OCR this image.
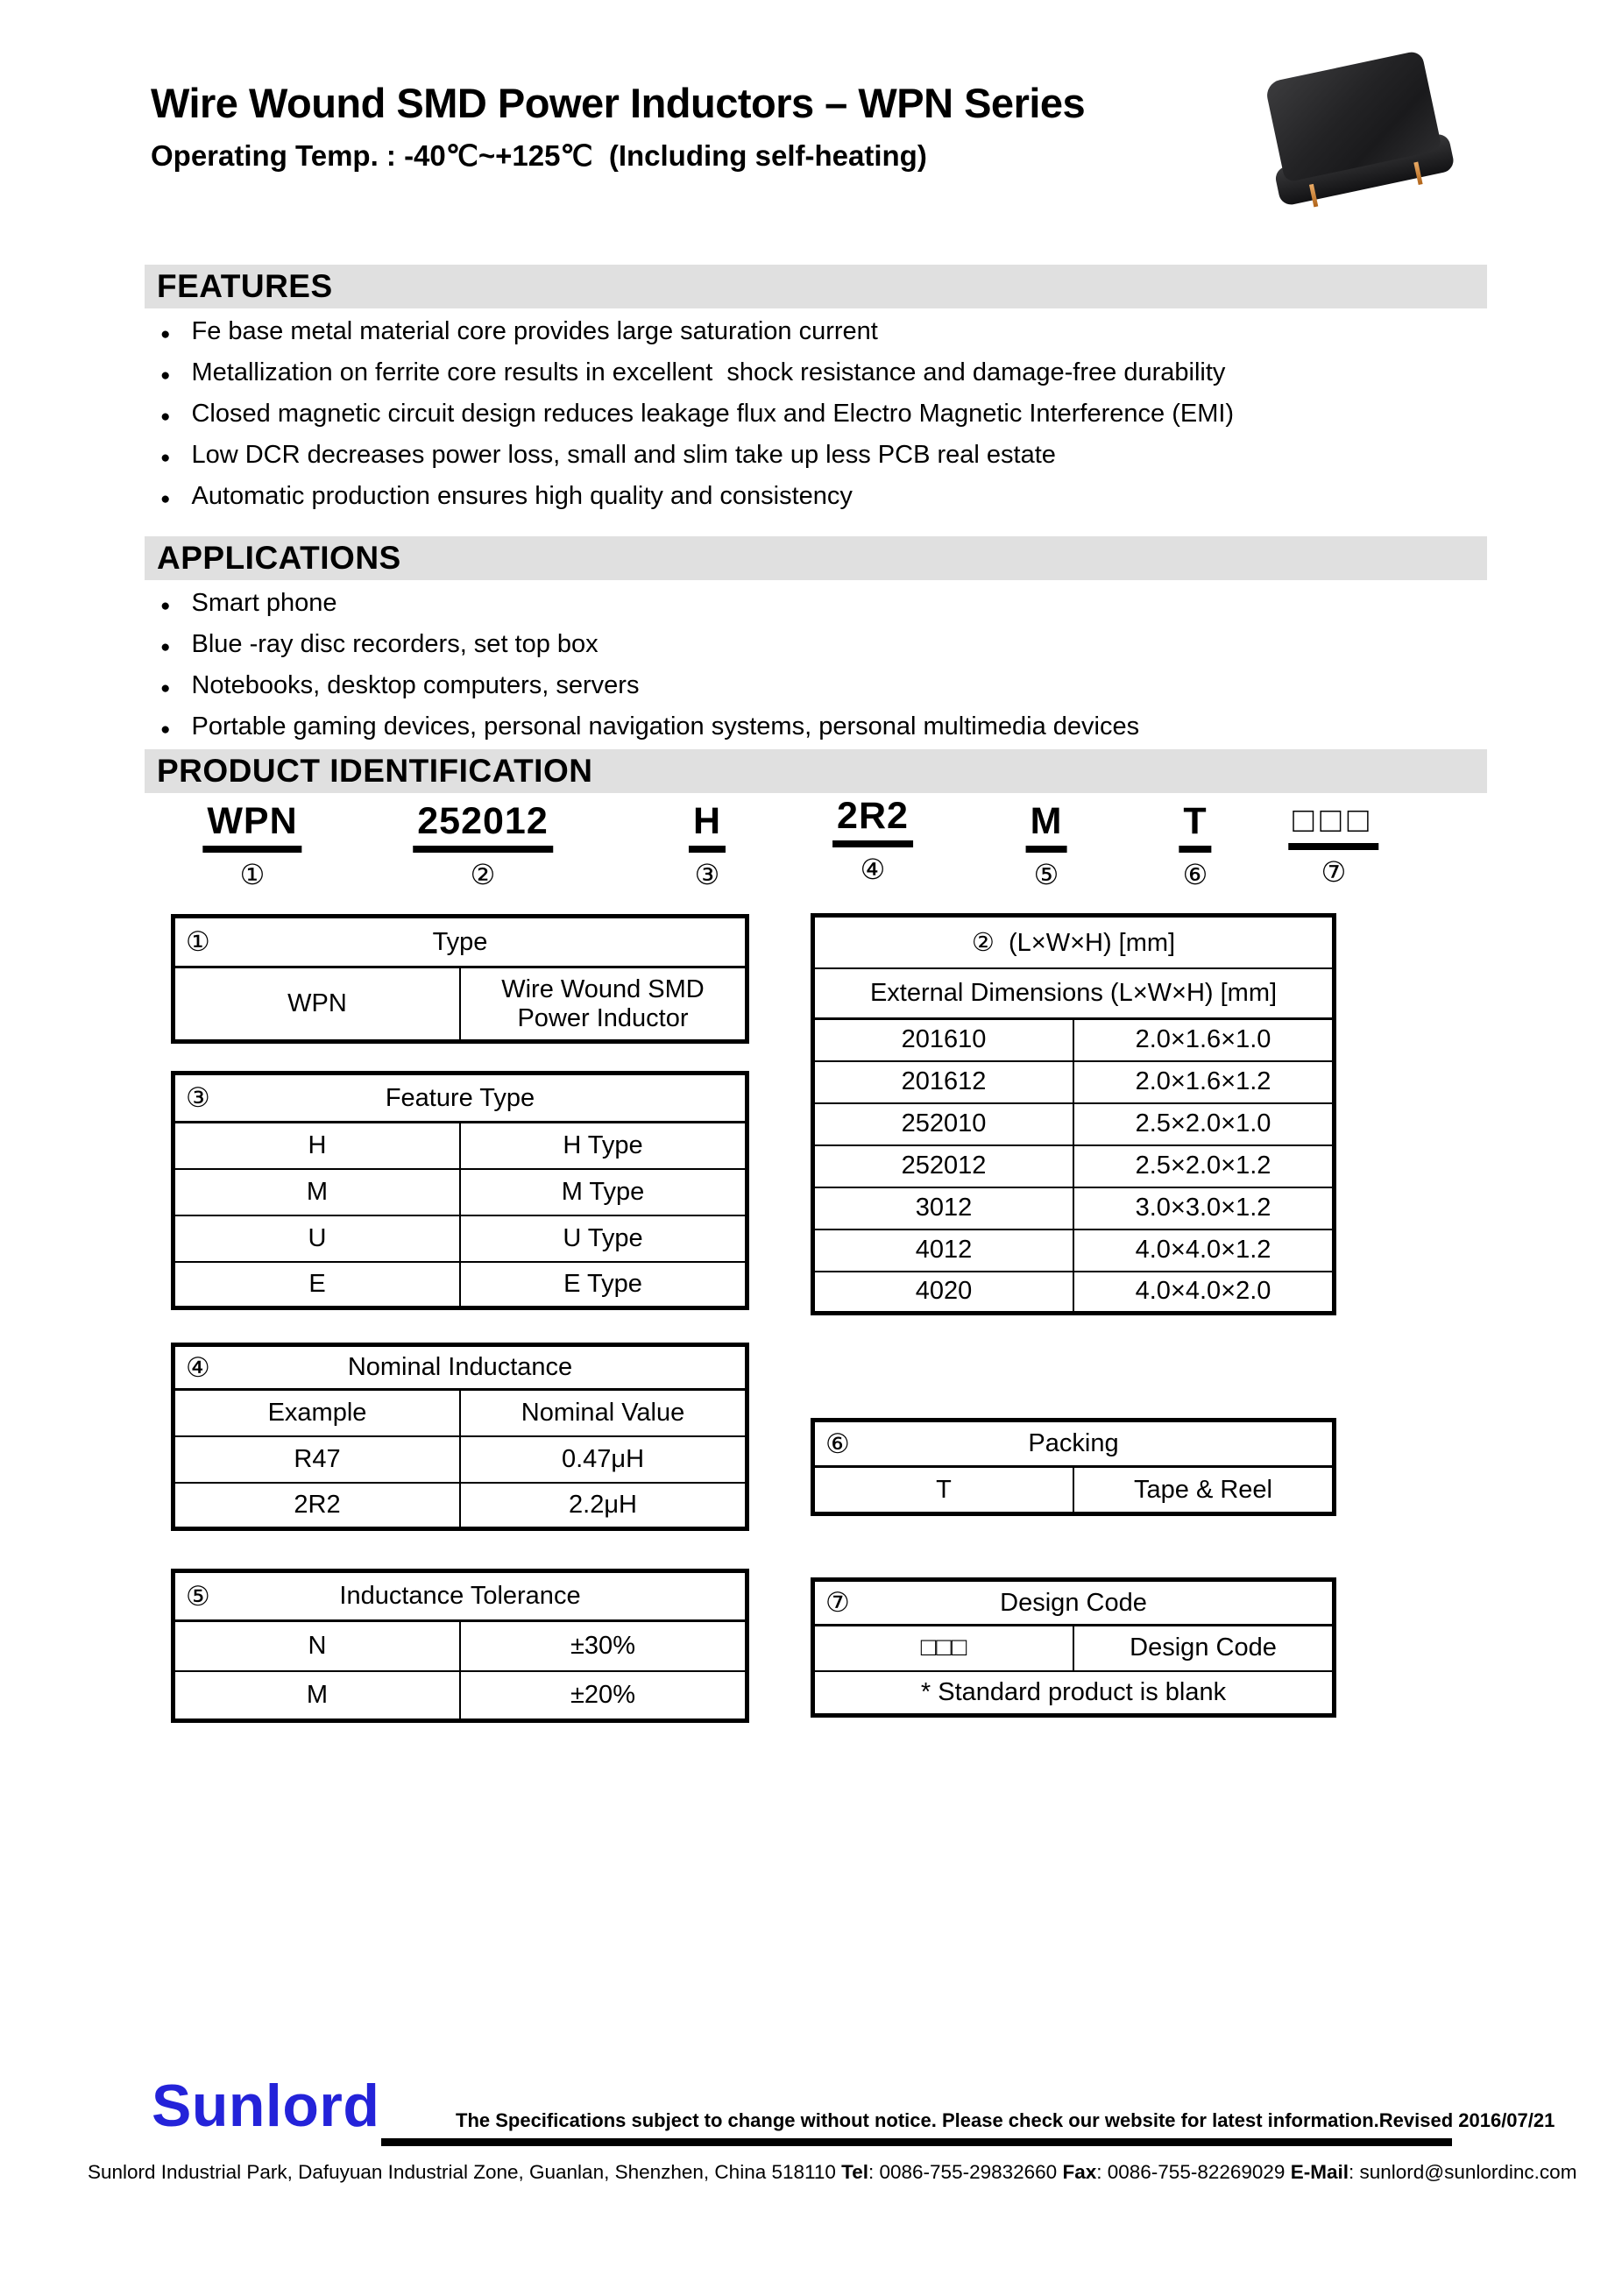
Wire Wound SMD Power Inductors – WPN Series
Operating Temp. : -40℃~+125℃  (Including self-heating)
FEATURES
● Fe base metal material core provides large saturation current
● Metallization on ferrite core results in excellent  shock resistance and damage-free durability
● Closed magnetic circuit design reduces leakage flux and Electro Magnetic Interference (EMI)
● Low DCR decreases power loss, small and slim take up less PCB real estate
● Automatic production ensures high quality and consistency
APPLICATIONS
● Smart phone
● Blue -ray disc recorders, set top box
● Notebooks, desktop computers, servers
● Portable gaming devices, personal navigation systems, personal multimedia devices
PRODUCT IDENTIFICATION
WPN
①
252012
②
H
③
2R2
④
M
⑤
T
⑥
□□□
⑦
①	Type
WPN	Wire Wound SMD Power Inductor
③ Feature Type	
H	H Type
M	M Type
U	U Type
E	E Type
④ Nominal Inductance	
Example	Nominal Value
R47	0.47μH
2R2	2.2μH
⑤ Inductance Tolerance	
N	±30%
M	±20%
② (L×W×H) [mm]	
External Dimensions (L×W×H) [mm]	
201610	2.0×1.6×1.0
201612	2.0×1.6×1.2
252010	2.5×2.0×1.0
252012	2.5×2.0×1.2
3012	3.0×3.0×1.2
4012	4.0×4.0×1.2
4020	4.0×4.0×2.0
⑥	Packing
T	Tape & Reel
⑦	Design Code
□□□	Design Code
* Standard product is blank
Sunlord	The Specifications subject to change without notice. Please check our website for latest information. Revised 2016/07/21
Sunlord Industrial Park, Dafuyuan Industrial Zone, Guanlan, Shenzhen, China 518110 Tel: 0086-755-29832660 Fax: 0086-755-82269029 E-Mail: sunlord@sunlordinc.com
